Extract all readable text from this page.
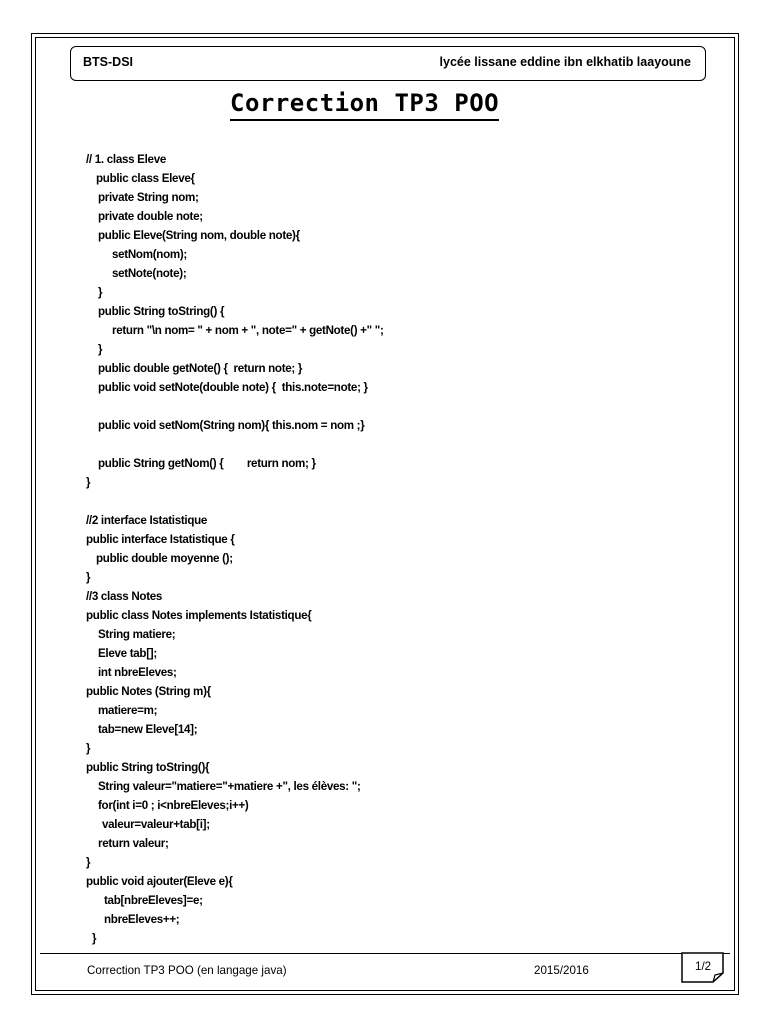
BTS-DSI	lycée lissane eddine ibn elkhatib laayoune
Correction TP3 POO
// 1. class Eleve
public class Eleve{
private String nom;
private double note;
public Eleve(String nom, double note){
setNom(nom);
setNote(note);
}
public String toString() {
return "\n nom= " + nom + ", note=" + getNote() +" ";
}
public double getNote() {  return note; }
public void setNote(double note) {  this.note=note; }
public void setNom(String nom){ this.nom = nom ;}
public String getNom() {        return nom; }
}
//2 interface Istatistique
public interface Istatistique {
public double moyenne ();
}
//3 class Notes
public class Notes implements Istatistique{
String matiere;
Eleve tab[];
int nbreEleves;
public Notes (String m){
matiere=m;
tab=new Eleve[14];
}
public String toString(){
String valeur="matiere="+matiere +", les élèves: ";
for(int i=0 ; i<nbreEleves;i++)
valeur=valeur+tab[i];
return valeur;
}
public void ajouter(Eleve e){
tab[nbreEleves]=e;
nbreEleves++;
}
Correction TP3 POO (en langage java)	2015/2016	1/2
